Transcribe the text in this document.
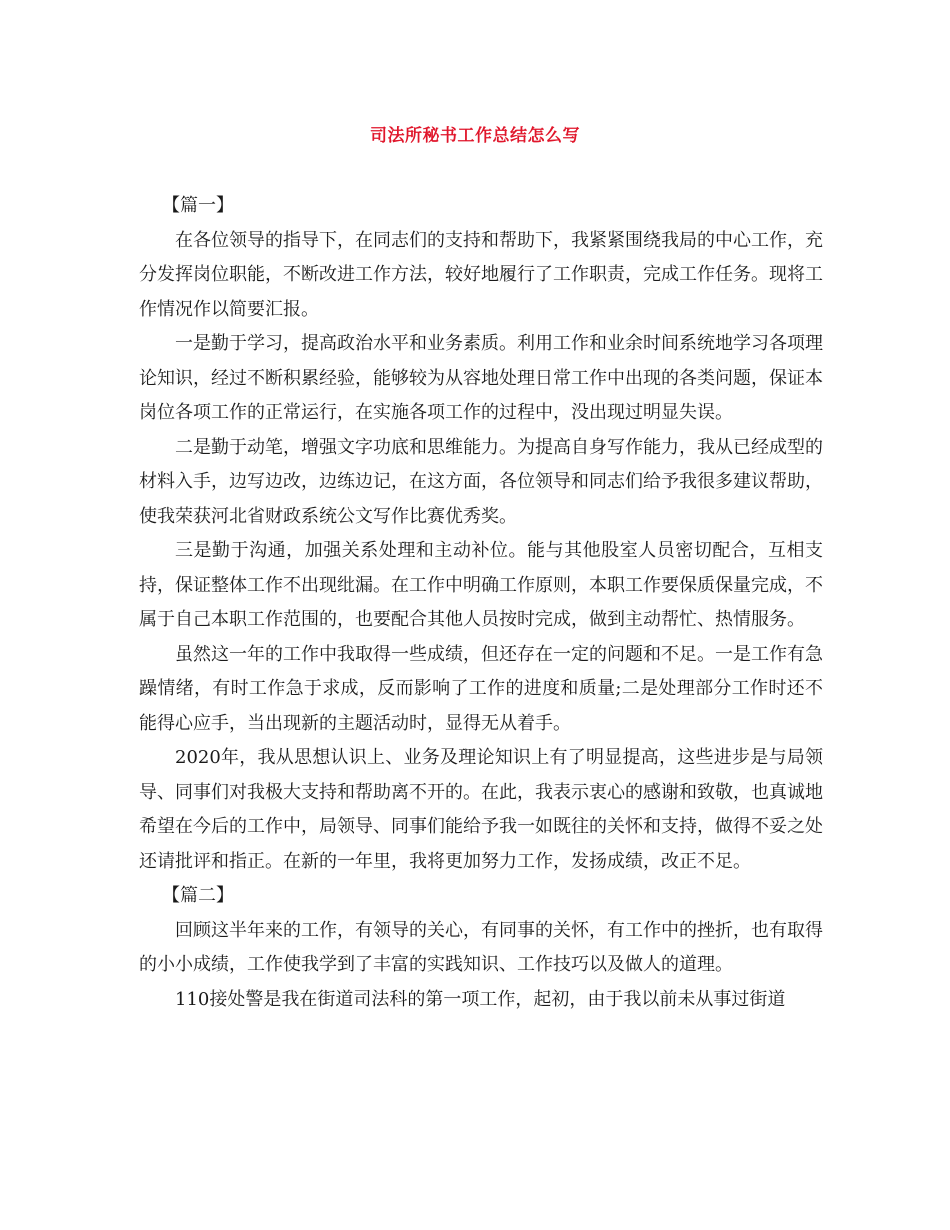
司法所秘书工作总结怎么写

【篇一】

在各位领导的指导下，在同志们的支持和帮助下，我紧紧围绕我局的中心工作，充分发挥岗位职能，不断改进工作方法，较好地履行了工作职责，完成工作任务。现将工作情况作以简要汇报。

一是勤于学习，提高政治水平和业务素质。利用工作和业余时间系统地学习各项理论知识，经过不断积累经验，能够较为从容地处理日常工作中出现的各类问题，保证本岗位各项工作的正常运行，在实施各项工作的过程中，没出现过明显失误。

二是勤于动笔，增强文字功底和思维能力。为提高自身写作能力，我从已经成型的材料入手，边写边改，边练边记，在这方面，各位领导和同志们给予我很多建议帮助，使我荣获河北省财政系统公文写作比赛优秀奖。

三是勤于沟通，加强关系处理和主动补位。能与其他股室人员密切配合，互相支持，保证整体工作不出现纰漏。在工作中明确工作原则，本职工作要保质保量完成，不属于自己本职工作范围的，也要配合其他人员按时完成，做到主动帮忙、热情服务。

虽然这一年的工作中我取得一些成绩，但还存在一定的问题和不足。一是工作有急躁情绪，有时工作急于求成，反而影响了工作的进度和质量;二是处理部分工作时还不能得心应手，当出现新的主题活动时，显得无从着手。

2020年，我从思想认识上、业务及理论知识上有了明显提高，这些进步是与局领导、同事们对我极大支持和帮助离不开的。在此，我表示衷心的感谢和致敬，也真诚地希望在今后的工作中，局领导、同事们能给予我一如既往的关怀和支持，做得不妥之处还请批评和指正。在新的一年里，我将更加努力工作，发扬成绩，改正不足。

【篇二】

回顾这半年来的工作，有领导的关心，有同事的关怀，有工作中的挫折，也有取得的小小成绩，工作使我学到了丰富的实践知识、工作技巧以及做人的道理。

110接处警是我在街道司法科的第一项工作，起初，由于我以前未从事过街道
